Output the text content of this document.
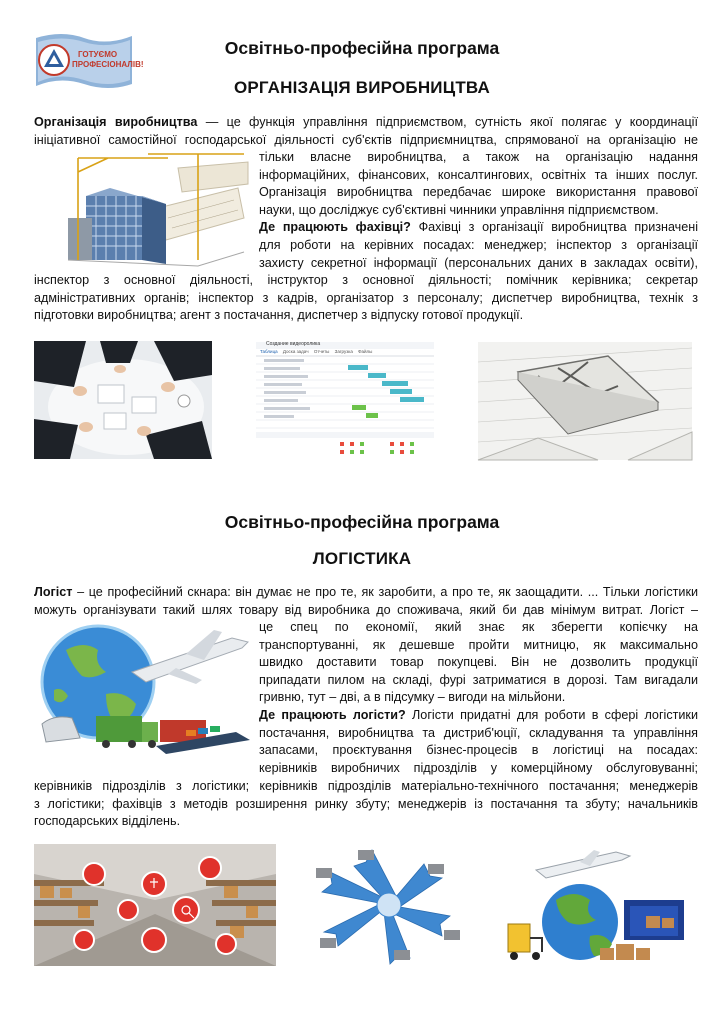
ГОТУЄМО
ПРОФЕСІОНАЛІВ!
Освітньо-професійна програма
ОРГАНІЗАЦІЯ ВИРОБНИЦТВА
Організація виробництва — це функція управління підприємством, сутність якої полягає у координації
ініціативної самостійної господарської діяльності суб'єктів підприємництва, спрямованої на організацію не
тільки власне виробництва, а також на організацію надання
інформаційних, фінансових, консалтингових, освітніх та інших послуг.
Організація виробництва передбачає широке використання правової
науки, що досліджує суб'єктивні чинники управління підприємством.
Де працюють фахівці? Фахівці з організації виробництва призначені
для роботи на керівних посадах: менеджер; інспектор з організації
захисту секретної інформації (персональних даних в закладах освіти),
інспектор з основної діяльності, інструктор з основної діяльності; помічник керівника; секретар
адміністративних органів; інспектор з кадрів, організатор з персоналу; диспетчер виробництва, технік з
підготовки виробництва; агент з постачання, диспетчер з відпуску готової продукції.
Создание видеоролика
Таблица Доска задач Отчеты Загрузка Файлы
Освітньо-професійна програма
ЛОГІСТИКА
Логіст – це професійний скнара: він думає не про те, як заробити, а про те, як заощадити. ... Тільки логістики
можуть організувати такий шлях товару від виробника до споживача, який би дав мінімум витрат. Логіст –
це спец по економії, який знає як зберегти копієчку на
транспортуванні, як дешевше пройти митницю, як максимально
швидко доставити товар покупцеві. Він не дозволить продукції
припадати пилом на складі, фурі затриматися в дорозі. Там вигадали
гривню, тут – дві, а в підсумку – вигоди на мільйони.
Де працюють логісти? Логісти придатні для роботи в сфері логістики
постачання, виробництва та дистриб'юції, складування та управління
запасами, проєктування бізнес-процесів в логістиці на посадах:
керівників виробничих підрозділів у комерційному обслуговуванні;
керівників підрозділів з логістики; керівників підрозділів матеріально-технічного постачання; менеджерів
з логістики; фахівців з методів розширення ринку збуту; менеджерів із постачання та збуту; начальників
господарських відділень.
